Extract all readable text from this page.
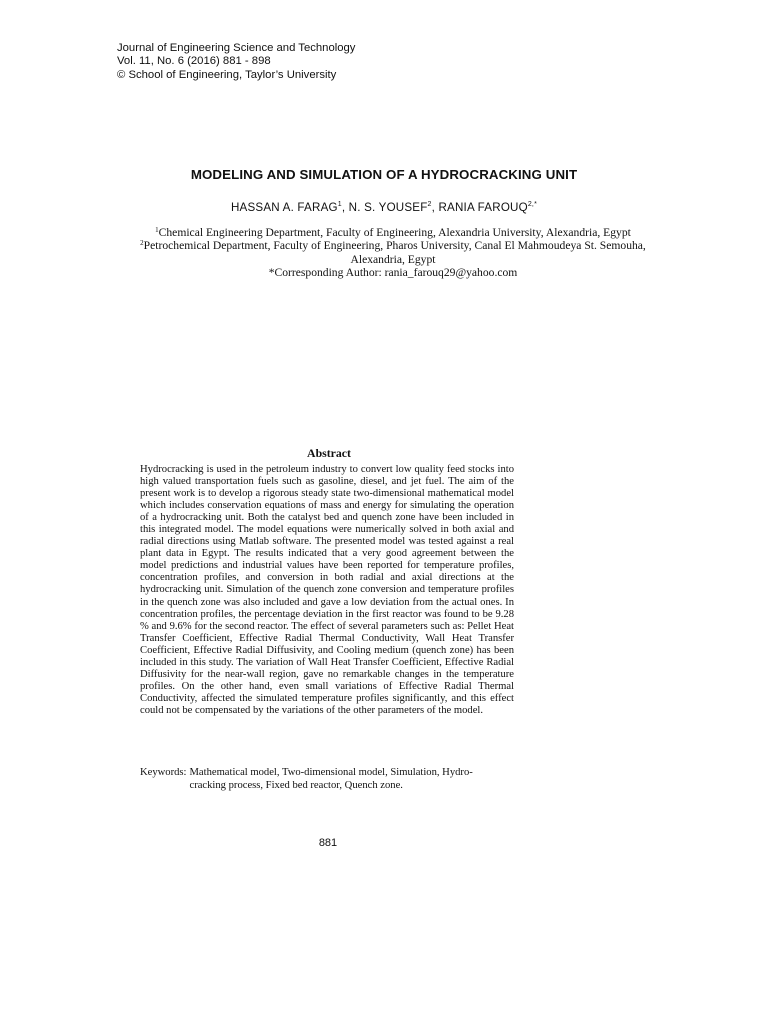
Journal of Engineering Science and Technology
Vol. 11, No. 6 (2016) 881 - 898
© School of Engineering, Taylor’s University
MODELING AND SIMULATION OF A HYDROCRACKING UNIT

HASSAN A. FARAG$^1$, N. S. YOUSEF$^2$, RANIA $FAROUQ^{2,*}$

$^1$Chemical Engineering Department, Faculty of Engineering, Alexandria University, Alexandria, Egypt
$^2$Petrochemical Department, Faculty of Engineering, Pharos University, Canal El Mahmoudeya St. Semouha, Alexandria, Egypt
*Corresponding Author: rania_farouq29@yahoo.com
Abstract

Hydrocracking is used in the petroleum industry to convert low quality feed stocks into high valued transportation fuels such as gasoline, diesel, and jet fuel. The aim of the present work is to develop a rigorous steady state two-dimensional mathematical model which includes conservation equations of mass and energy for simulating the operation of a hydrocracking unit. Both the catalyst bed and quench zone have been included in this integrated model. The model equations were numerically solved in both axial and radial directions using Matlab software. The presented model was tested against a real plant data in Egypt. The results indicated that a very good agreement between the model predictions and industrial values have been reported for temperature profiles, concentration profiles, and conversion in both radial and axial directions at the hydrocracking unit. Simulation of the quench zone conversion and temperature profiles in the quench zone was also included and gave a low deviation from the actual ones. In concentration profiles, the percentage deviation in the first reactor was found to be 9.28 % and 9.6% for the second reactor. The effect of several parameters such as: Pellet Heat Transfer Coefficient, Effective Radial Thermal Conductivity, Wall Heat Transfer Coefficient, Effective Radial Diffusivity, and Cooling medium (quench zone) has been included in this study. The variation of Wall Heat Transfer Coefficient, Effective Radial Diffusivity for the near-wall region, gave no remarkable changes in the temperature profiles. On the other hand, even small variations of Effective Radial Thermal Conductivity, affected the simulated temperature profiles significantly, and this effect could not be compensated by the variations of the other parameters of the model.

Keywords: Mathematical model, Two-dimensional model, Simulation, Hydro-
cracking process, Fixed bed reactor, Quench zone.

881
